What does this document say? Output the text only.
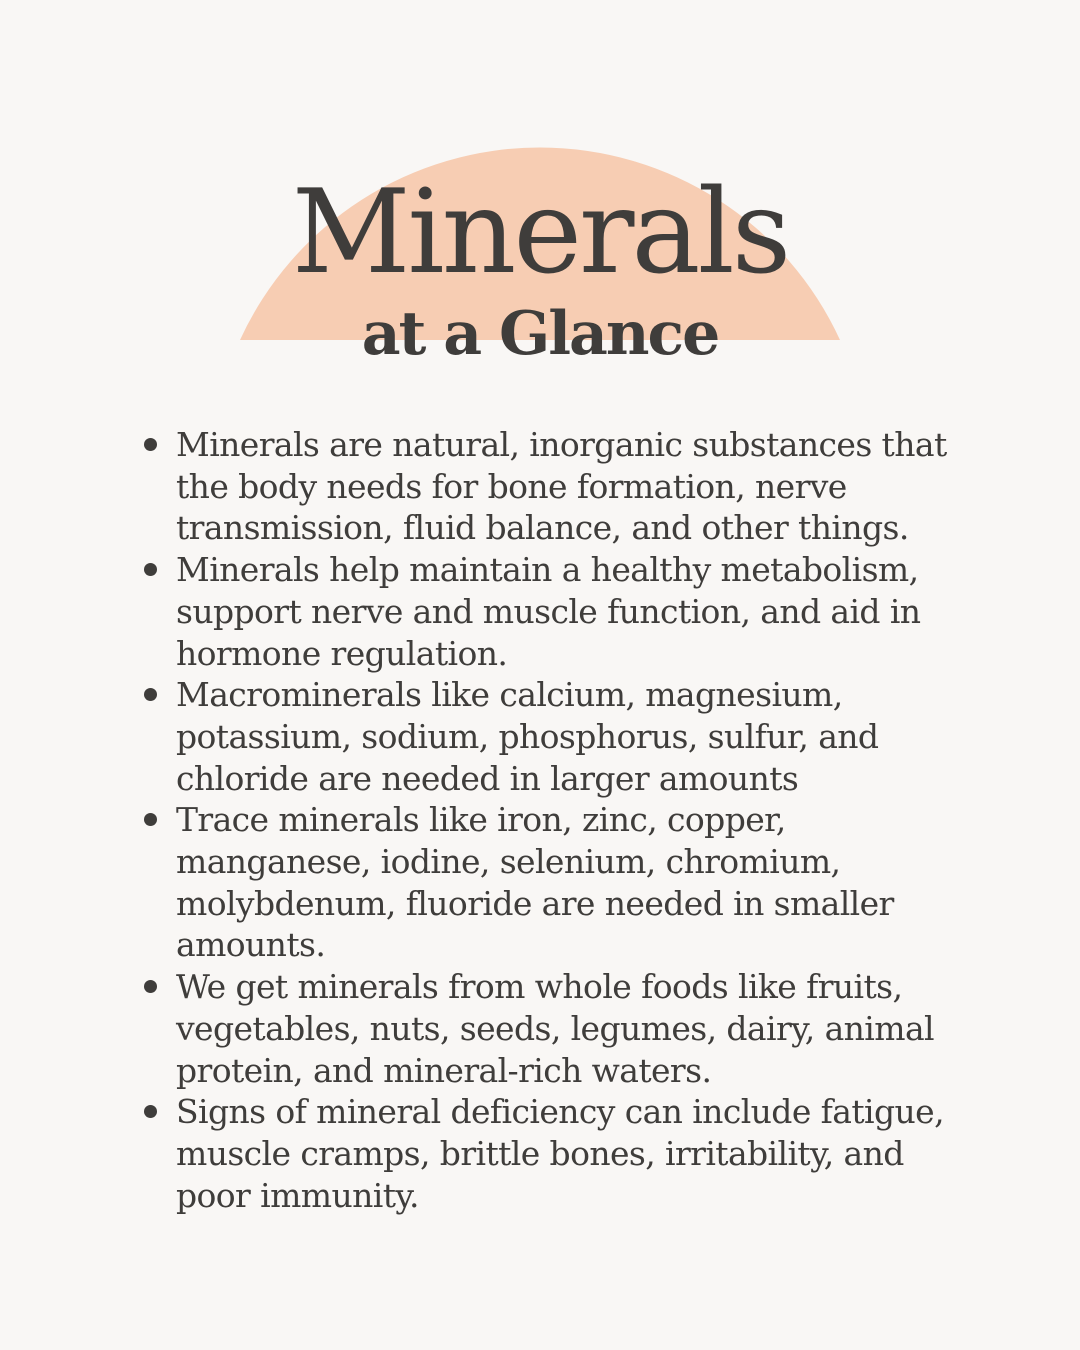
Minerals
at a Glance
Minerals are natural, inorganic substances that the body needs for bone formation, nerve transmission, fluid balance, and other things.
Minerals help maintain a healthy metabolism, support nerve and muscle function, and aid in hormone regulation.
Macrominerals like calcium, magnesium, potassium, sodium, phosphorus, sulfur, and chloride are needed in larger amounts
Trace minerals like iron, zinc, copper, manganese, iodine, selenium, chromium, molybdenum, fluoride are needed in smaller amounts.
We get minerals from whole foods like fruits, vegetables, nuts, seeds, legumes, dairy, animal protein, and mineral-rich waters.
Signs of mineral deficiency can include fatigue, muscle cramps, brittle bones, irritability, and poor immunity.
